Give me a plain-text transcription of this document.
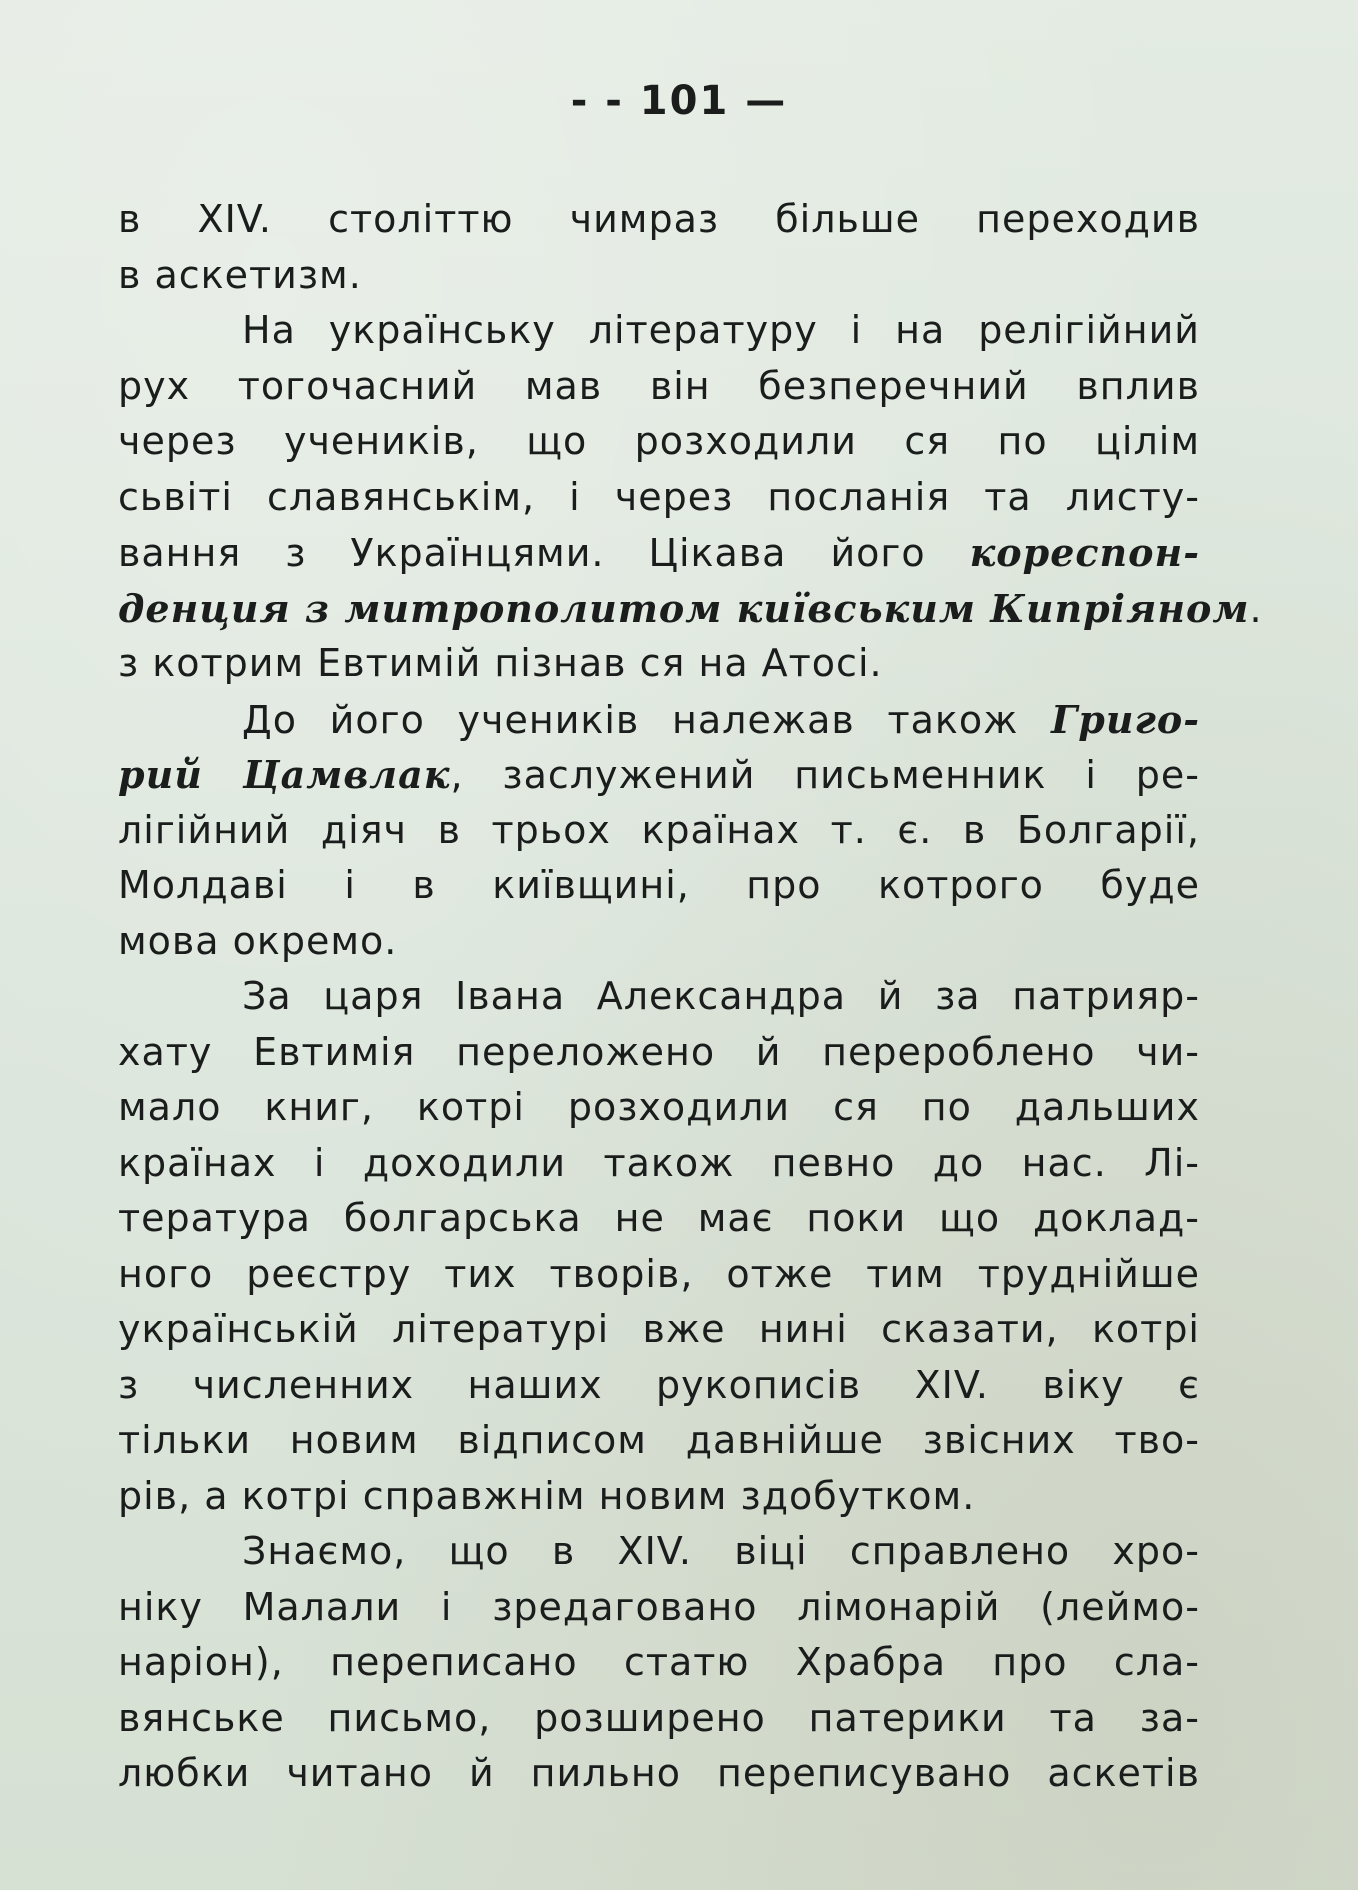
- - 101 —
в XIV. століттю чимраз більше переходив
в аскетизм.
На українську літературу і на релігійний
рух тогочасний мав він безперечний вплив
через учеників, що розходили ся по цілім
сьвіті славянськім, і через посланія та листу-
вання з Українцями. Цікава його кореспон-
денция з митрополитом київським Кипріяном.
з котрим Евтимій пізнав ся на Атосі.
До його учеників належав також Григо-
рий Цамвлак, заслужений письменник і ре-
лігійний діяч в трьох країнах т. є. в Болгарії,
Молдаві і в київщині, про котрого буде
мова окремо.
За царя Івана Александра й за патрияр-
хату Евтимія переложено й перероблено чи-
мало книг, котрі розходили ся по дальших
країнах і доходили також певно до нас. Лі-
тература болгарська не має поки що доклад-
ного реєстру тих творів, отже тим труднійше
українській літературі вже нині сказати, котрі
з численних наших рукописів XIV. віку є
тільки новим відписом давнійше звісних тво-
рів, а котрі справжнім новим здобутком.
Знаємо, що в XIV. віці справлено хро-
ніку Малали і зредаговано лімонарій (леймо-
наріон), переписано статю Храбра про сла-
вянське письмо, розширено патерики та за-
любки читано й пильно переписувано аскетів
